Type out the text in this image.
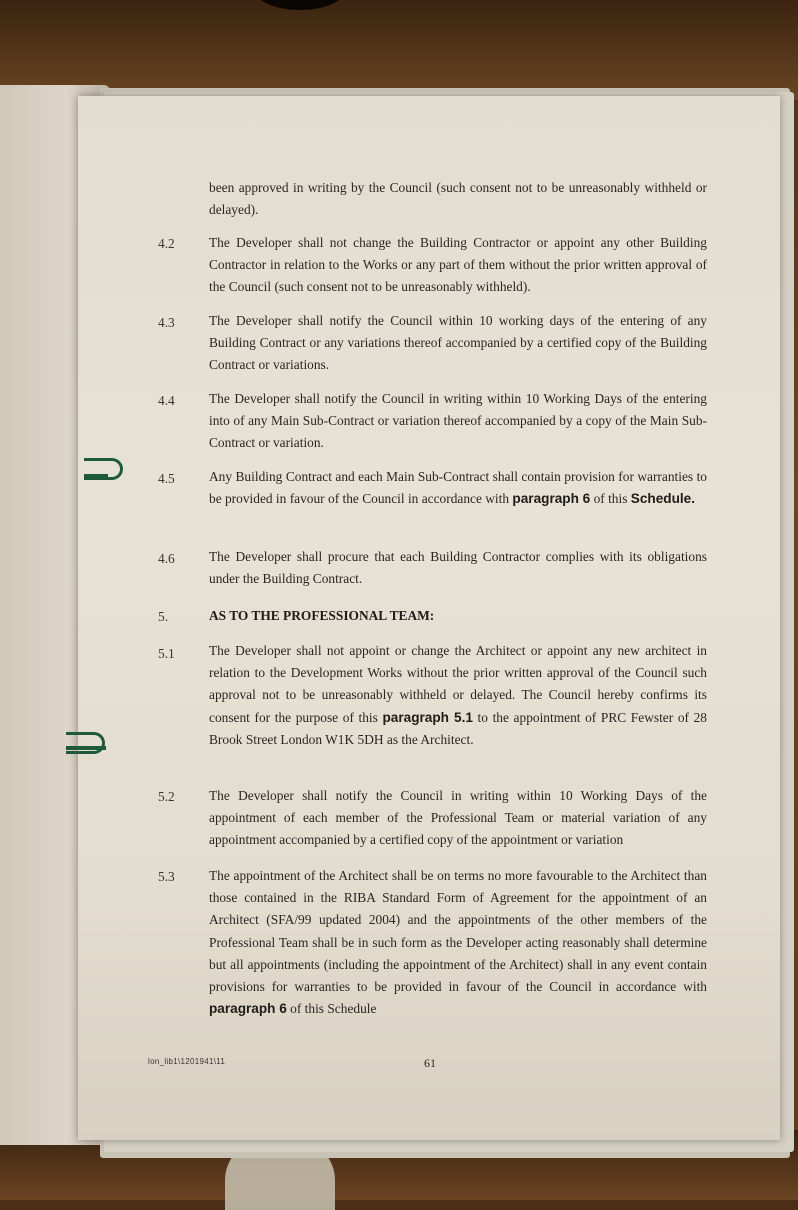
been approved in writing by the Council (such consent not to be unreasonably withheld or delayed).
4.2	The Developer shall not change the Building Contractor or appoint any other Building Contractor in relation to the Works or any part of them without the prior written approval of the Council (such consent not to be unreasonably withheld).
4.3	The Developer shall notify the Council within 10 working days of the entering of any Building Contract or any variations thereof accompanied by a certified copy of the Building Contract or variations.
4.4	The Developer shall notify the Council in writing within 10 Working Days of the entering into of any Main Sub-Contract or variation thereof accompanied by a copy of the Main Sub-Contract or variation.
4.5	Any Building Contract and each Main Sub-Contract shall contain provision for warranties to be provided in favour of the Council in accordance with paragraph 6 of this Schedule.
4.6	The Developer shall procure that each Building Contractor complies with its obligations under the Building Contract.
5.	AS TO THE PROFESSIONAL TEAM:
5.1	The Developer shall not appoint or change the Architect or appoint any new architect in relation to the Development Works without the prior written approval of the Council such approval not to be unreasonably withheld or delayed. The Council hereby confirms its consent for the purpose of this paragraph 5.1 to the appointment of PRC Fewster of 28 Brook Street London W1K 5DH as the Architect.
5.2	The Developer shall notify the Council in writing within 10 Working Days of the appointment of each member of the Professional Team or material variation of any appointment accompanied by a certified copy of the appointment or variation
5.3	The appointment of the Architect shall be on terms no more favourable to the Architect than those contained in the RIBA Standard Form of Agreement for the appointment of an Architect (SFA/99 updated 2004) and the appointments of the other members of the Professional Team shall be in such form as the Developer acting reasonably shall determine but all appointments (including the appointment of the Architect) shall in any event contain provisions for warranties to be provided in favour of the Council in accordance with paragraph 6 of this Schedule
lon_lib1\1201941\11	61
